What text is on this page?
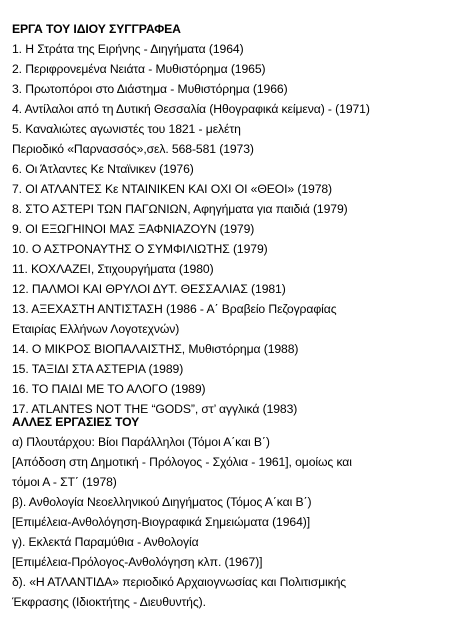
ΕΡΓΑ ΤΟΥ ΙΔΙΟΥ ΣΥΓΓΡΑΦΕΑ
1. Η Στράτα της Ειρήνης - Διηγήματα (1964)
2. Περιφρονεμένα Νειάτα - Μυθιστόρημα (1965)
3. Πρωτοπόροι στο Διάστημα - Μυθιστόρημα (1966)
4. Αντίλαλοι από τη Δυτική Θεσσαλία (Ηθογραφικά κείμενα) - (1971)
5. Καναλιώτες αγωνιστές του 1821 - μελέτη
Περιοδικό «Παρνασσός»,σελ. 568-581 (1973)
6. Οι Άτλαντες Κε Νταϊνικεν (1976)
7. ΟΙ ΑΤΛΑΝΤΕΣ Κε ΝΤΑΙΝΙΚΕΝ ΚΑΙ ΟΧΙ ΟΙ «ΘΕΟΙ» (1978)
8. ΣΤΟ ΑΣΤΕΡΙ ΤΩΝ ΠΑΓΩΝΙΩΝ, Αφηγήματα για παιδιά (1979)
9. ΟΙ ΕΞΩΓΗΙΝΟΙ ΜΑΣ ΞΑΦΝΙΑΖΟΥΝ (1979)
10. Ο ΑΣΤΡΟΝΑΥΤΗΣ Ο ΣΥΜΦΙΛΙΩΤΗΣ (1979)
11. ΚΟΧΛΑΖΕΙ, Στιχουργήματα (1980)
12. ΠΑΛΜΟΙ ΚΑΙ ΘΡΥΛΟΙ ΔΥΤ. ΘΕΣΣΑΛΙΑΣ (1981)
13. ΑΞΕΧΑΣΤΗ ΑΝΤΙΣΤΑΣΗ (1986 - Α΄ Βραβείο Πεζογραφίας
Εταιρίας Ελλήνων Λογοτεχνών)
14. Ο ΜΙΚΡΟΣ ΒΙΟΠΑΛΑΙΣΤΗΣ, Μυθιστόρημα (1988)
15. ΤΑΞΙΔΙ ΣΤΑ ΑΣΤΕΡΙΑ (1989)
16. ΤΟ ΠΑΙΔΙ ΜΕ ΤΟ ΑΛΟΓΟ (1989)
17. ATLANTES NOT THE “GODS”, στ’ αγγλικά (1983)
ΑΛΛΕΣ ΕΡΓΑΣΙΕΣ ΤΟΥ
α) Πλουτάρχου: Βίοι Παράλληλοι (Τόμοι Α΄και Β΄)
[Απόδοση στη Δημοτική - Πρόλογος - Σχόλια - 1961], ομοίως και
τόμοι Α - ΣΤ΄ (1978)
β). Ανθολογία Νεοελληνικού Διηγήματος (Τόμος Α΄και Β΄)
[Επιμέλεια-Ανθολόγηση-Βιογραφικά Σημειώματα (1964)]
γ). Εκλεκτά Παραμύθια - Ανθολογία
[Επιμέλεια-Πρόλογος-Ανθολόγηση κλπ. (1967)]
δ). «Η ΑΤΛΑΝΤΙΔΑ» περιοδικό Αρχαιογνωσίας και Πολιτισμικής
Έκφρασης (Ιδιοκτήτης - Διευθυντής).
